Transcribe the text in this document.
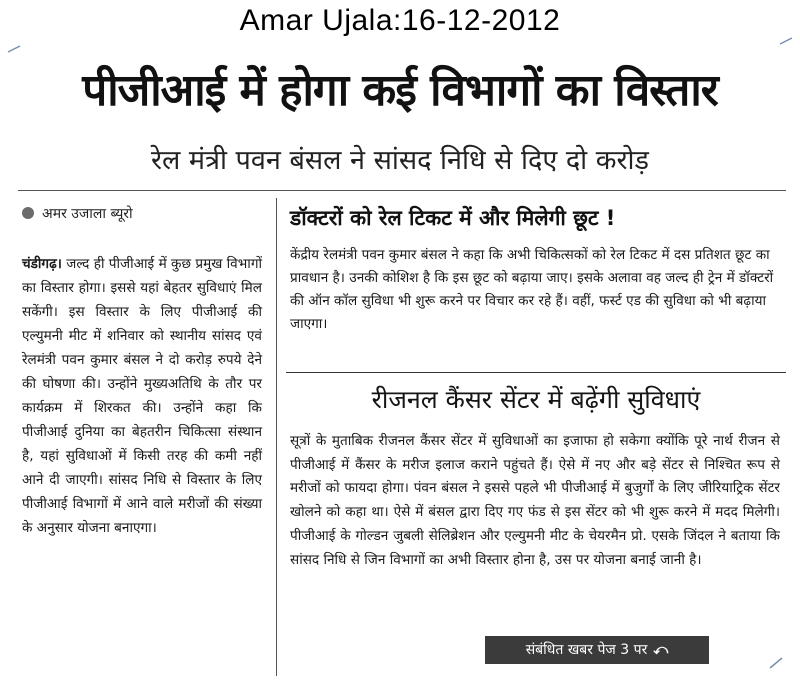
Amar Ujala:16-12-2012
पीजीआई में होगा कई विभागों का विस्तार
रेल मंत्री पवन बंसल ने सांसद निधि से दिए दो करोड़
अमर उजाला ब्यूरो
चंडीगढ़। जल्द ही पीजीआई में कुछ प्रमुख विभागों का विस्तार होगा। इससे यहां बेहतर सुविधाएं मिल सकेंगी। इस विस्तार के लिए पीजीआई की एल्युमनी मीट में शनिवार को स्थानीय सांसद एवं रेलमंत्री पवन कुमार बंसल ने दो करोड़ रुपये देने की घोषणा की। उन्होंने मुख्यअतिथि के तौर पर कार्यक्रम में शिरकत की। उन्होंने कहा कि पीजीआई दुनिया का बेहतरीन चिकित्सा संस्थान है, यहां सुविधाओं में किसी तरह की कमी नहीं आने दी जाएगी। सांसद निधि से विस्तार के लिए पीजीआई विभागों में आने वाले मरीजों की संख्या के अनुसार योजना बनाएगा।
डॉक्टरों को रेल टिकट में और मिलेगी छूट !
केंद्रीय रेलमंत्री पवन कुमार बंसल ने कहा कि अभी चिकित्सकों को रेल टिकट में दस प्रतिशत छूट का प्रावधान है। उनकी कोशिश है कि इस छूट को बढ़ाया जाए। इसके अलावा वह जल्द ही ट्रेन में डॉक्टरों की ऑन कॉल सुविधा भी शुरू करने पर विचार कर रहे हैं। वहीं, फर्स्ट एड की सुविधा को भी बढ़ाया जाएगा।
रीजनल कैंसर सेंटर में बढ़ेंगी सुविधाएं
सूत्रों के मुताबिक रीजनल कैंसर सेंटर में सुविधाओं का इजाफा हो सकेगा क्योंकि पूरे नार्थ रीजन से पीजीआई में कैंसर के मरीज इलाज कराने पहुंचते हैं। ऐसे में नए और बड़े सेंटर से निश्चित रूप से मरीजों को फायदा होगा। पंवन बंसल ने इससे पहले भी पीजीआई में बुजुर्गों के लिए जीरियाट्रिक सेंटर खोलने को कहा था। ऐसे में बंसल द्वारा दिए गए फंड से इस सेंटर को भी शुरू करने में मदद मिलेगी। पीजीआई के गोल्डन जुबली सेलिब्रेशन और एल्युमनी मीट के चेयरमैन प्रो. एसके जिंदल ने बताया कि सांसद निधि से जिन विभागों का अभी विस्तार होना है, उस पर योजना बनाई जानी है।
संबंधित खबर पेज 3 पर ⤺
